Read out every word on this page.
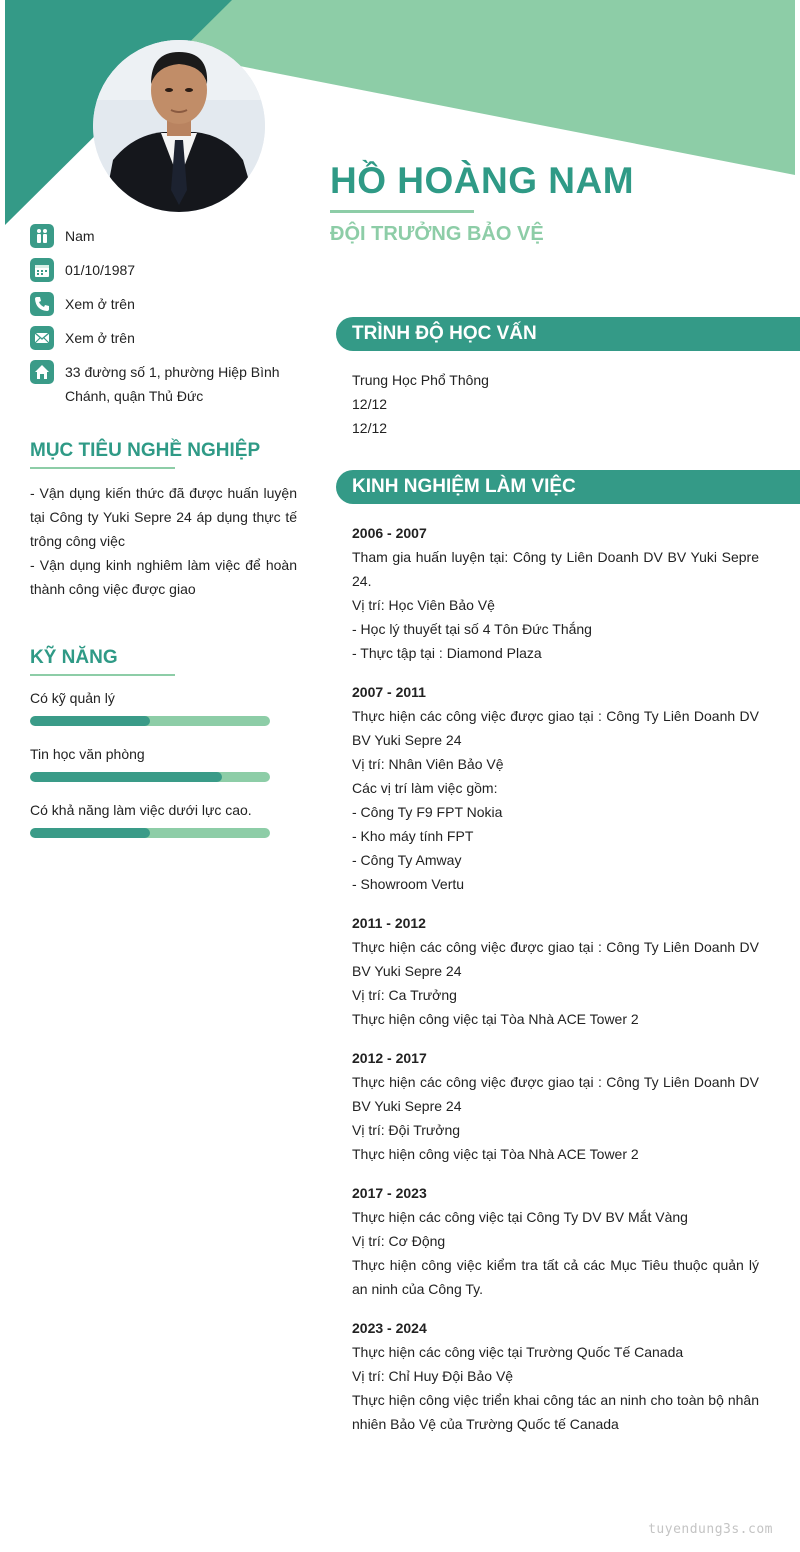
HỒ HOÀNG NAM
ĐỘI TRƯỞNG BẢO VỆ
Nam
01/10/1987
Xem ở trên
Xem ở trên
33 đường số 1, phường Hiệp Bình Chánh, quận Thủ Đức
MỤC TIÊU NGHỀ NGHIỆP

- Vận dụng kiến thức đã được huấn luyện tại Công ty Yuki Sepre 24 áp dụng thực tế trông công việc

- Vận dụng kinh nghiêm làm việc để hoàn thành công việc được giao

KỸ NĂNG
Có kỹ quản lý
Tin học văn phòng
Có khả năng làm việc dưới lực cao.
TRÌNH ĐỘ HỌC VẤN
Trung Học Phổ Thông
12/12
12/12
KINH NGHIỆM LÀM VIỆC
2006 - 2007
Tham gia huấn luyện tại: Công ty Liên Doanh DV BV Yuki Sepre 24.
Vị trí: Học Viên Bảo Vệ
- Học lý thuyết tại số 4 Tôn Đức Thắng
- Thực tập tại : Diamond Plaza
2007 - 2011
Thực hiện các công việc được giao tại : Công Ty Liên Doanh DV BV Yuki Sepre 24
Vị trí: Nhân Viên Bảo Vệ
Các vị trí làm việc gồm:
- Công Ty F9 FPT Nokia
- Kho máy tính FPT
- Công Ty Amway
- Showroom Vertu
2011 - 2012
Thực hiện các công việc được giao tại : Công Ty Liên Doanh DV BV Yuki Sepre 24
Vị trí: Ca Trưởng
Thực hiện công việc tại Tòa Nhà ACE Tower 2
2012 - 2017
Thực hiện các công việc được giao tại : Công Ty Liên Doanh DV BV Yuki Sepre 24
Vị trí: Đội Trưởng
Thực hiện công việc tại Tòa Nhà ACE Tower 2
2017 - 2023
Thực hiện các công việc tại Công Ty DV BV Mắt Vàng
Vị trí: Cơ Động
Thực hiện công việc kiểm tra tất cả các Mục Tiêu thuộc quản lý an ninh của Công Ty.
2023 - 2024
Thực hiện các công việc tại Trường Quốc Tế Canada
Vị trí: Chỉ Huy Đội Bảo Vệ
Thực hiện công việc triển khai công tác an ninh cho toàn bộ nhân nhiên Bảo Vệ của Trường Quốc tế Canada
tuyendung3s.com
